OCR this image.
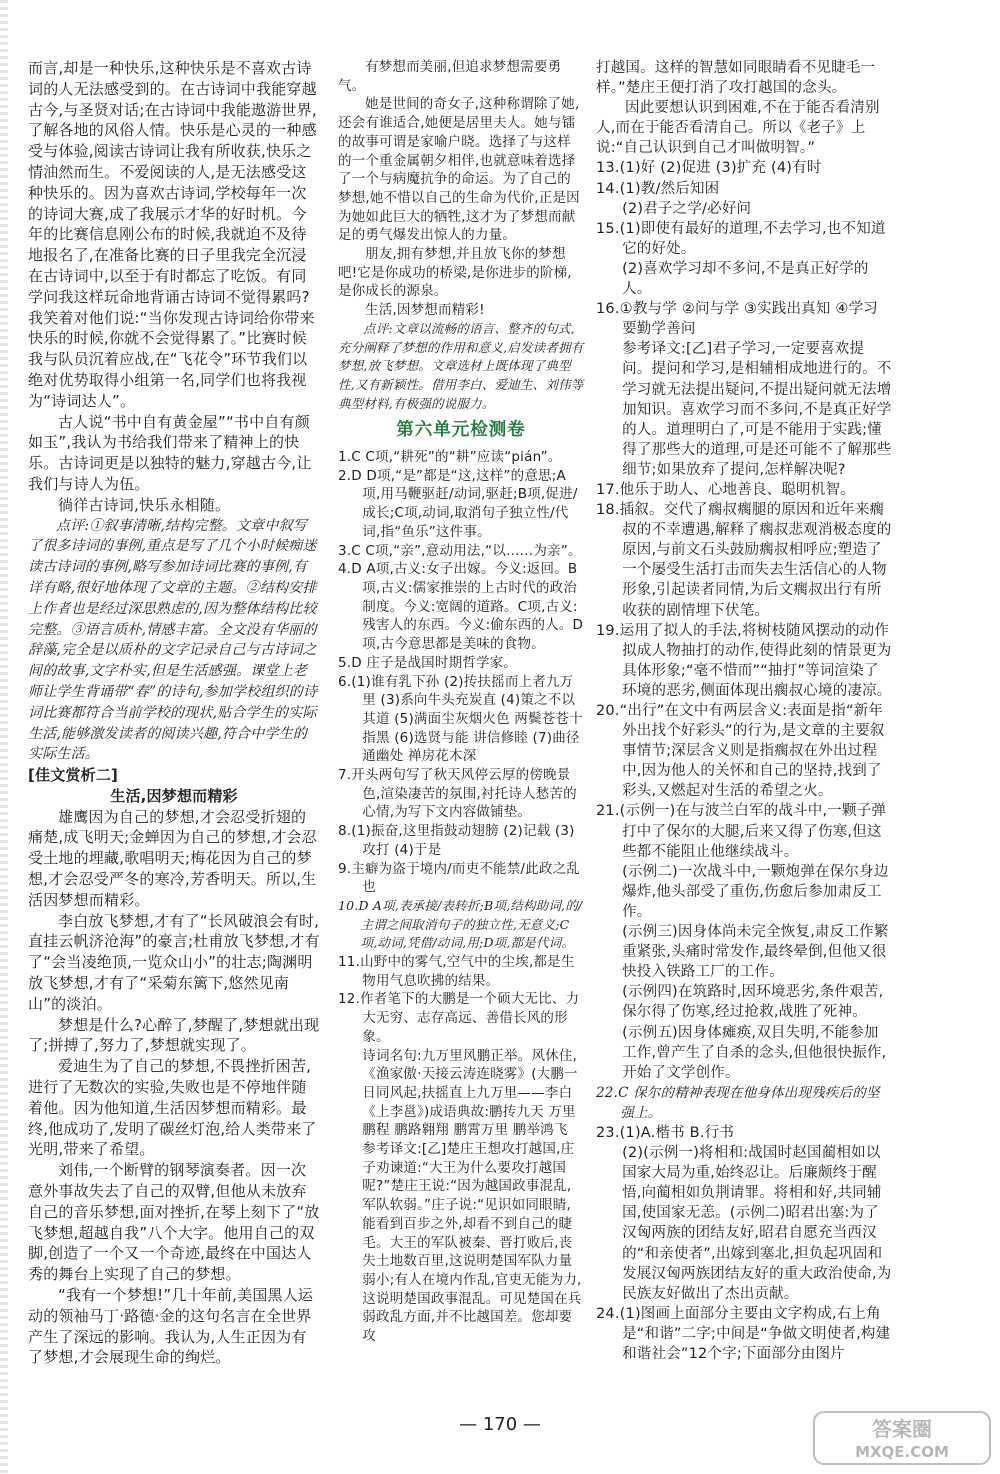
而言,却是一种快乐,这种快乐是不喜欢古诗词的人无法感受到的。在古诗词中我能穿越古今,与圣贤对话;在古诗词中我能遨游世界,了解各地的风俗人情。快乐是心灵的一种感受与体验,阅读古诗词让我有所收获,快乐之情油然而生。不爱阅读的人,是无法感受这种快乐的。因为喜欢古诗词,学校每年一次的诗词大赛,成了我展示才华的好时机。今年的比赛信息刚公布的时候,我就迫不及待地报名了,在准备比赛的日子里我完全沉浸在古诗词中,以至于有时都忘了吃饭。有同学问我这样玩命地背诵古诗词不觉得累吗?我笑着对他们说:“当你发现古诗词给你带来快乐的时候,你就不会觉得累了。”比赛时候我与队员沉着应战,在“飞花令”环节我们以绝对优势取得小组第一名,同学们也将我视为“诗词达人”。

古人说“书中自有黄金屋”“书中自有颜如玉”,我认为书给我们带来了精神上的快乐。古诗词更是以独特的魅力,穿越古今,让我们与诗人为伍。

徜徉古诗词,快乐永相随。

点评:①叙事清晰,结构完整。文章中叙写了很多诗词的事例,重点是写了几个小时候痴迷读古诗词的事例,略写参加诗词比赛的事例,有详有略,很好地体现了文章的主题。②结构安排上作者也是经过深思熟虑的,因为整体结构比较完整。③语言质朴,情感丰富。全文没有华丽的辞藻,完全是以质朴的文字记录自己与古诗词之间的故事,文字朴实,但是生活感强。课堂上老师让学生背诵带“春”的诗句,参加学校组织的诗词比赛都符合当前学校的现状,贴合学生的实际生活,能够激发读者的阅读兴趣,符合中学生的实际生活。

[佳文赏析二]

生活,因梦想而精彩

雄鹰因为自己的梦想,才会忍受折翅的痛楚,成飞明天;金蝉因为自己的梦想,才会忍受土地的埋藏,歌唱明天;梅花因为自己的梦想,才会忍受严冬的寒冷,芳香明天。所以,生活因梦想而精彩。

李白放飞梦想,才有了“长风破浪会有时,直挂云帆济沧海”的豪言;杜甫放飞梦想,才有了“会当凌绝顶,一览众山小”的壮志;陶渊明放飞梦想,才有了“采菊东篱下,悠然见南山”的淡泊。

梦想是什么?心醉了,梦醒了,梦想就出现了;拼搏了,努力了,梦想就实现了。

爱迪生为了自己的梦想,不畏挫折困苦,进行了无数次的实验,失败也是不停地伴随着他。因为他知道,生活因梦想而精彩。最终,他成功了,发明了碳丝灯泡,给人类带来了光明,带来了希望。

刘伟,一个断臂的钢琴演奏者。因一次意外事故失去了自己的双臂,但他从未放弃自己的音乐梦想,面对挫折,在琴上刻下了“放飞梦想,超越自我”八个大字。他用自己的双脚,创造了一个又一个奇迹,最终在中国达人秀的舞台上实现了自己的梦想。

“我有一个梦想!”几十年前,美国黑人运动的领袖马丁·路德·金的这句名言在全世界产生了深远的影响。我认为,人生正因为有了梦想,才会展现生命的绚烂。

有梦想而美丽,但追求梦想需要勇气。

她是世间的奇女子,这种称谓除了她,还会有谁适合,她便是居里夫人。她与镭的故事可谓是家喻户晓。选择了与这样的一个重金属朝夕相伴,也就意味着选择了一个与病魔抗争的命运。为了自己的梦想,她不惜以自己的生命为代价,正是因为她如此巨大的牺牲,这才为了梦想而献足的勇气爆发出惊人的力量。

朋友,拥有梦想,并且放飞你的梦想吧!它是你成功的桥梁,是你进步的阶梯,是你成长的源泉。

生活,因梦想而精彩!

点评:文章以流畅的语言、整齐的句式,充分阐释了梦想的作用和意义,启发读者拥有梦想,放飞梦想。文章选材上既体现了典型性,又有新颖性。借用李白、爱迪生、刘伟等典型材料,有极强的说服力。

第六单元检测卷

1.C C项,“耕死”的“耕”应读“pián”。

2.D D项,“是”都是“这,这样”的意思;A项,用马鞭驱赶/动词,驱赶;B项,促进/成长;C项,动词,取消句子独立性/代词,指“鱼乐”这件事。

3.C C项,“亲”,意动用法,“以……为亲”。

4.D A项,古义:女子出嫁。今义:返回。B项,古义:儒家推崇的上古时代的政治制度。今义:宽阔的道路。C项,古义:残害人的东西。今义:偷东西的人。D项,古今意思都是美味的食物。

5.D 庄子是战国时期哲学家。

6.(1)谁有乳下孙 (2)抟扶摇而上者九万里 (3)系向牛头充炭直 (4)策之不以其道 (5)满面尘灰烟火色 两鬓苍苍十指黑 (6)选贤与能 讲信修睦 (7)曲径通幽处 禅房花木深

7.开头两句写了秋天风停云厚的傍晚景色,渲染凄苦的氛围,衬托诗人愁苦的心情,为写下文内容做铺垫。

8.(1)振奋,这里指鼓动翅膀 (2)记载 (3)攻打 (4)于是

9.主癖为盗于境内/而吏不能禁/此政之乱也

10.D A项,表承接/表转折;B项,结构助词,的/主谓之间取消句子的独立性,无意义;C项,动词,凭借/动词,用;D项,都是代词。

11.山野中的雾气,空气中的尘埃,都是生物用气息吹拂的结果。

12.作者笔下的大鹏是一个硕大无比、力大无穷、志存高远、善借长风的形象。

诗词名句:九万里风鹏正举。风休住,《渔家傲·天接云涛连晓雾》(大鹏一日同风起,扶摇直上九万里——李白《上李邕》)成语典故:鹏抟九天 万里鹏程 鹏路翱翔 鹏霄万里 鹏举鸿飞

参考译文:[乙]楚庄王想攻打越国,庄子劝谏道:“大王为什么要攻打越国呢?”楚庄王说:“因为越国政事混乱,军队软弱。”庄子说:“见识如同眼睛,能看到百步之外,却看不到自己的睫毛。大王的军队被秦、晋打败后,丧失土地数百里,这说明楚国军队力量弱小;有人在境内作乱,官吏无能为力,这说明楚国政事混乱。可见楚国在兵弱政乱方面,并不比越国差。您却要攻

打越国。这样的智慧如同眼睛看不见睫毛一样。”楚庄王便打消了攻打越国的念头。

因此要想认识到困难,不在于能否看清别人,而在于能否看清自己。所以《老子》上说:“自己认识到自己才叫做明智。”

13.(1)好 (2)促进 (3)扩充 (4)有时

14.(1)教/然后知困

(2)君子之学/必好问

15.(1)即使有最好的道理,不去学习,也不知道它的好处。

(2)喜欢学习却不多问,不是真正好学的人。

16.①教与学 ②问与学 ③实践出真知 ④学习要勤学善问

参考译文:[乙]君子学习,一定要喜欢提问。提问和学习,是相辅相成地进行的。不学习就无法提出疑问,不提出疑问就无法增加知识。喜欢学习而不多问,不是真正好学的人。道理明白了,可是不能用于实践;懂得了那些大的道理,可是还可能不了解那些细节;如果放弃了提问,怎样解决呢?

17.他乐于助人、心地善良、聪明机智。

18.插叙。交代了瘸叔瘸腿的原因和近年来瘸叔的不幸遭遇,解释了瘸叔悲观消极态度的原因,与前文石头鼓励瘸叔相呼应;塑造了一个屡受生活打击而失去生活信心的人物形象,引起读者同情,为后文瘸叔出行有所收获的剧情埋下伏笔。

19.运用了拟人的手法,将树枝随风摆动的动作拟成人物抽打的动作,使得此刻的情景更为具体形象;“毫不惜而”“抽打”等词渲染了环境的恶劣,侧面体现出瘸叔心境的凄凉。

20.“出行”在文中有两层含义:表面是指“新年外出找个好彩头”的行为,是文章的主要叙事情节;深层含义则是指瘸叔在外出过程中,因为他人的关怀和自己的坚持,找到了彩头,又燃起对生活的希望之火。

21.(示例一)在与波兰白军的战斗中,一颗子弹打中了保尔的大腿,后来又得了伤寒,但这些都不能阻止他继续战斗。

(示例二)一次战斗中,一颗炮弹在保尔身边爆炸,他头部受了重伤,伤愈后参加肃反工作。

(示例三)因身体尚未完全恢复,肃反工作繁重紧张,头痛时常发作,最终晕倒,但他又很快投入铁路工厂的工作。

(示例四)在筑路时,因环境恶劣,条件艰苦,保尔得了伤寒,经过抢救,战胜了死神。

(示例五)因身体瘫痪,双目失明,不能参加工作,曾产生了自杀的念头,但他很快振作,开始了文学创作。

22.C 保尔的精神表现在他身体出现残疾后的坚强上。

23.(1)A.楷书 B.行书

(2)(示例一)将相和:战国时赵国蔺相如以国家大局为重,始终忍让。后廉颇终于醒悟,向蔺相如负荆请罪。将相和好,共同辅国,使国家无恙。(示例二)昭君出塞:为了汉匈两族的团结友好,昭君自愿充当西汉的“和亲使者”,出嫁到塞北,担负起巩固和发展汉匈两族团结友好的重大政治使命,为民族友好做出了杰出贡献。

24.(1)图画上面部分主要由文字构成,右上角是“和谐”二字;中间是“争做文明使者,构建和谐社会”12个字;下面部分由图片

— 170 —	答案圈
MXQE.COM
